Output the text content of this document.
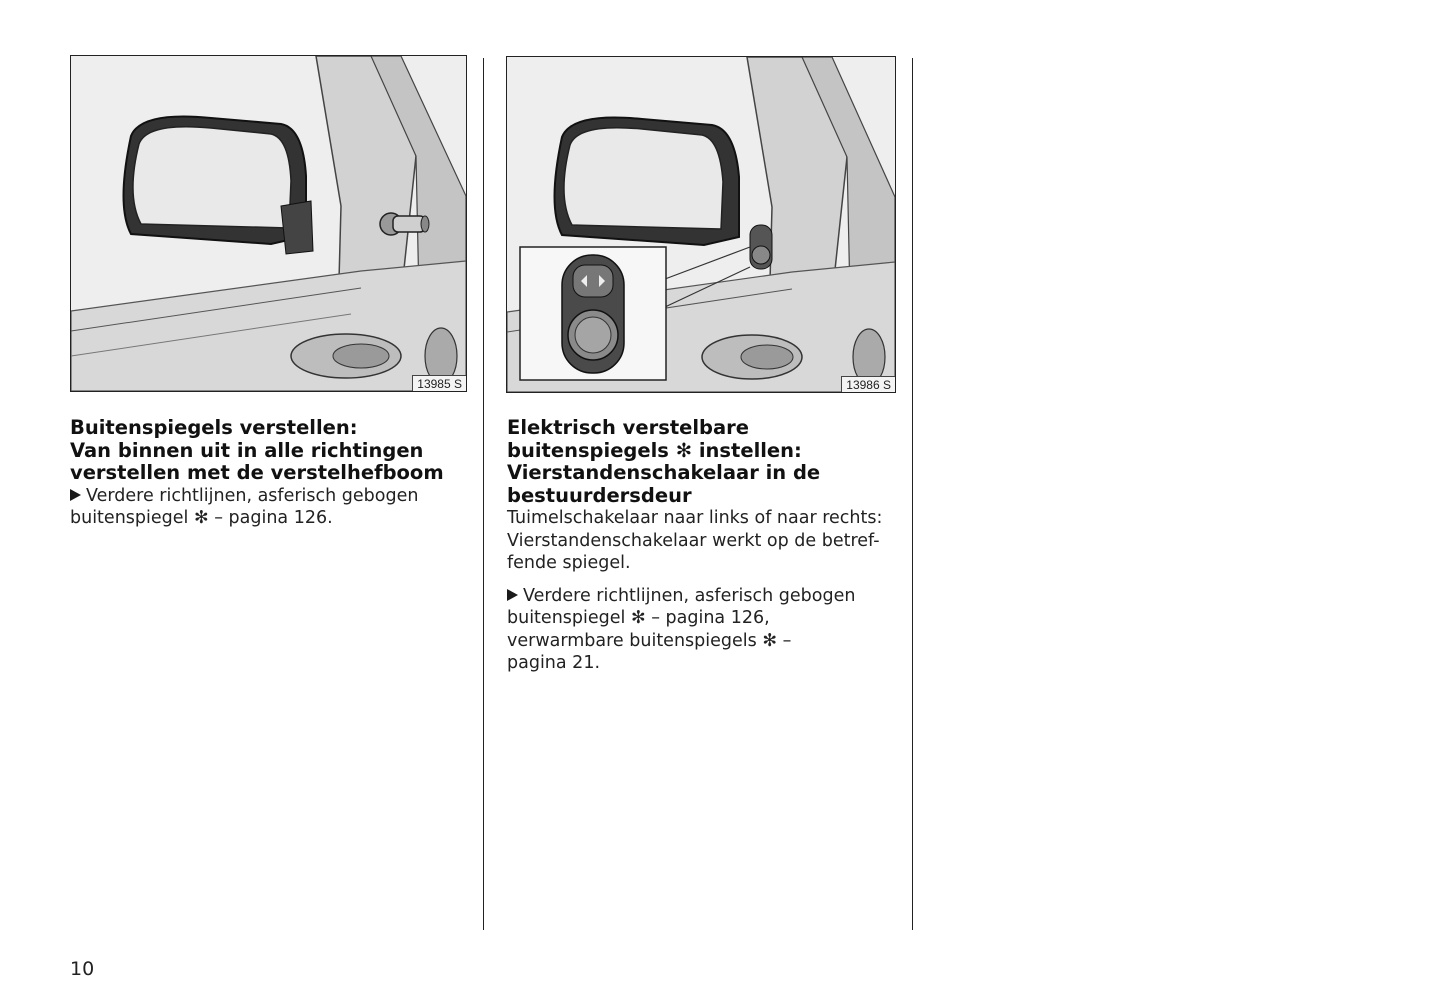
13985 S	13986 S

Buitenspiegels verstellen:

Van binnen uit in alle richtingen

verstellen met de verstelhefboom

Verdere richtlijnen, asferisch gebogen

buitenspiegel ✻ – pagina 126.

Elektrisch verstelbare

buitenspiegels ✻ instellen:

Vierstandenschakelaar in de

bestuurdersdeur

Tuimelschakelaar naar links of naar rechts:

Vierstandenschakelaar werkt op de betref-

fende spiegel.

Verdere richtlijnen, asferisch gebogen

buitenspiegel ✻ – pagina 126,

verwarmbare buitenspiegels ✻ –

pagina 21.

10
